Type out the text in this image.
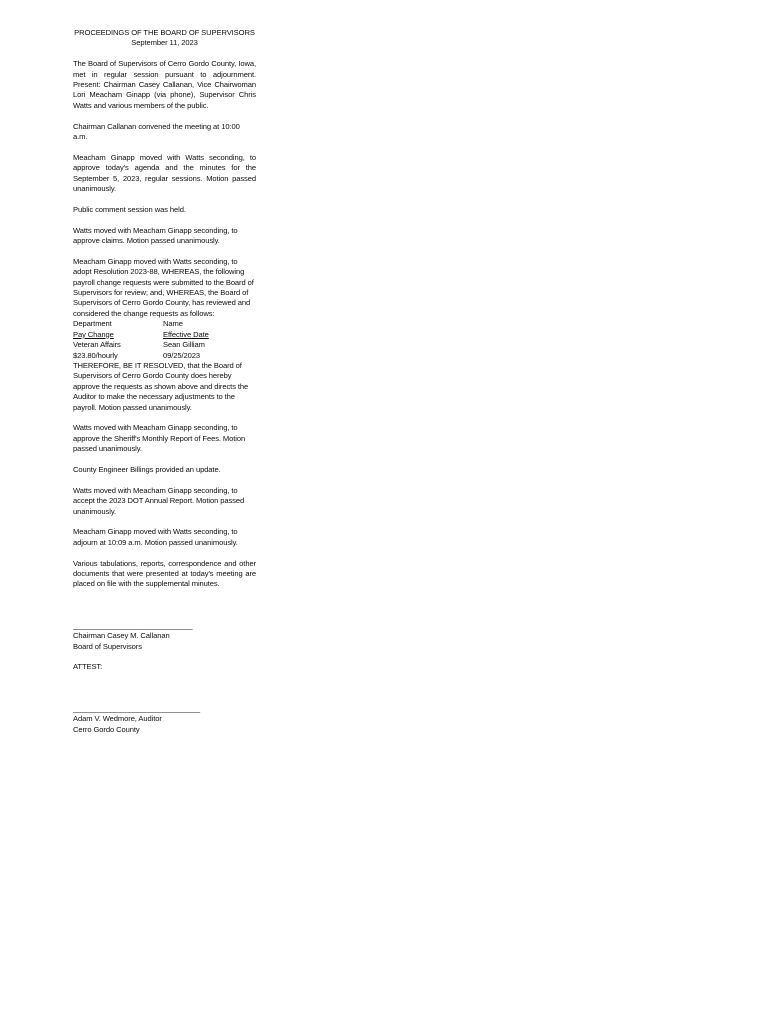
PROCEEDINGS OF THE BOARD OF SUPERVISORS
September 11, 2023

The Board of Supervisors of Cerro Gordo County, Iowa, met in regular session pursuant to adjournment. Present: Chairman Casey Callanan, Vice Chairwoman Lori Meacham Ginapp (via phone), Supervisor Chris Watts and various members of the public.

Chairman Callanan convened the meeting at 10:00 a.m.

Meacham Ginapp moved with Watts seconding, to approve today's agenda and the minutes for the September 5, 2023, regular sessions. Motion passed unanimously.

Public comment session was held.

Watts moved with Meacham Ginapp seconding, to approve claims. Motion passed unanimously.

Meacham Ginapp moved with Watts seconding, to adopt Resolution 2023-88, WHEREAS, the following payroll change requests were submitted to the Board of Supervisors for review; and, WHEREAS, the Board of Supervisors of Cerro Gordo County, has reviewed and considered the change requests as follows:

Department	Name
Pay Change	Effective Date
Veteran Affairs	Sean Gilliam
$23.80/hourly	09/25/2023

THEREFORE, BE IT RESOLVED, that the Board of Supervisors of Cerro Gordo County does hereby approve the requests as shown above and directs the Auditor to make the necessary adjustments to the payroll. Motion passed unanimously.

Watts moved with Meacham Ginapp seconding, to approve the Sheriff's Monthly Report of Fees. Motion passed unanimously.

County Engineer Billings provided an update.

Watts moved with Meacham Ginapp seconding, to accept the 2023 DOT Annual Report. Motion passed unanimously.

Meacham Ginapp moved with Watts seconding, to adjourn at 10:09 a.m. Motion passed unanimously.

Various tabulations, reports, correspondence and other documents that were presented at today's meeting are placed on file with the supplemental minutes.

________________________________
Chairman Casey M. Callanan
Board of Supervisors
ATTEST:
__________________________________
Adam V. Wedmore, Auditor
Cerro Gordo County
